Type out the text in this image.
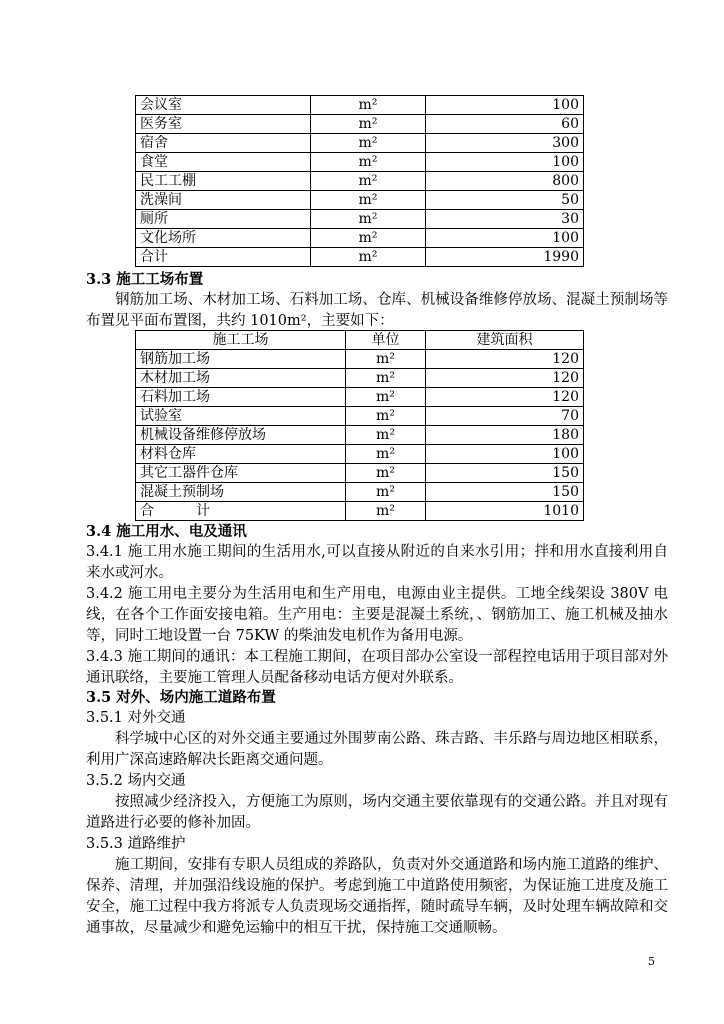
会议室	m²	100
医务室	m²	60
宿舍	m²	300
食堂	m²	100
民工工棚	m²	800
洗澡间	m²	50
厕所	m²	30
文化场所	m²	100
合计	m²	1990
3.3 施工工场布置
钢筋加工场、木材加工场、石料加工场、仓库、机械设备维修停放场、混凝土预制场等布置见平面布置图，共约 1010m²，主要如下：
施工工场	单位	建筑面积
钢筋加工场	m²	120
木材加工场	m²	120
石料加工场	m²	120
试验室	m²	70
机械设备维修停放场	m²	180
材料仓库	m²	100
其它工器件仓库	m²	150
混凝土预制场	m²	150
合计	m²	1010
3.4 施工用水、电及通讯
3.4.1 施工用水施工期间的生活用水,可以直接从附近的自来水引用；拌和用水直接利用自来水或河水。
3.4.2 施工用电主要分为生活用电和生产用电，电源由业主提供。工地全线架设 380V 电线，在各个工作面安接电箱。生产用电：主要是混凝土系统，、钢筋加工、施工机械及抽水等，同时工地设置一台 75KW 的柴油发电机作为备用电源。
3.4.3 施工期间的通讯：本工程施工期间，在项目部办公室设一部程控电话用于项目部对外通讯联络，主要施工管理人员配备移动电话方便对外联系。
3.5 对外、场内施工道路布置
3.5.1 对外交通
科学城中心区的对外交通主要通过外围萝南公路、珠吉路、丰乐路与周边地区相联系，利用广深高速路解决长距离交通问题。
3.5.2 场内交通
按照减少经济投入，方便施工为原则，场内交通主要依靠现有的交通公路。并且对现有道路进行必要的修补加固。
3.5.3 道路维护
施工期间，安排有专职人员组成的养路队，负责对外交通道路和场内施工道路的维护、保养、清理，并加强沿线设施的保护。考虑到施工中道路使用频密，为保证施工进度及施工安全，施工过程中我方将派专人负责现场交通指挥，随时疏导车辆，及时处理车辆故障和交通事故，尽量减少和避免运输中的相互干扰，保持施工交通顺畅。
5
